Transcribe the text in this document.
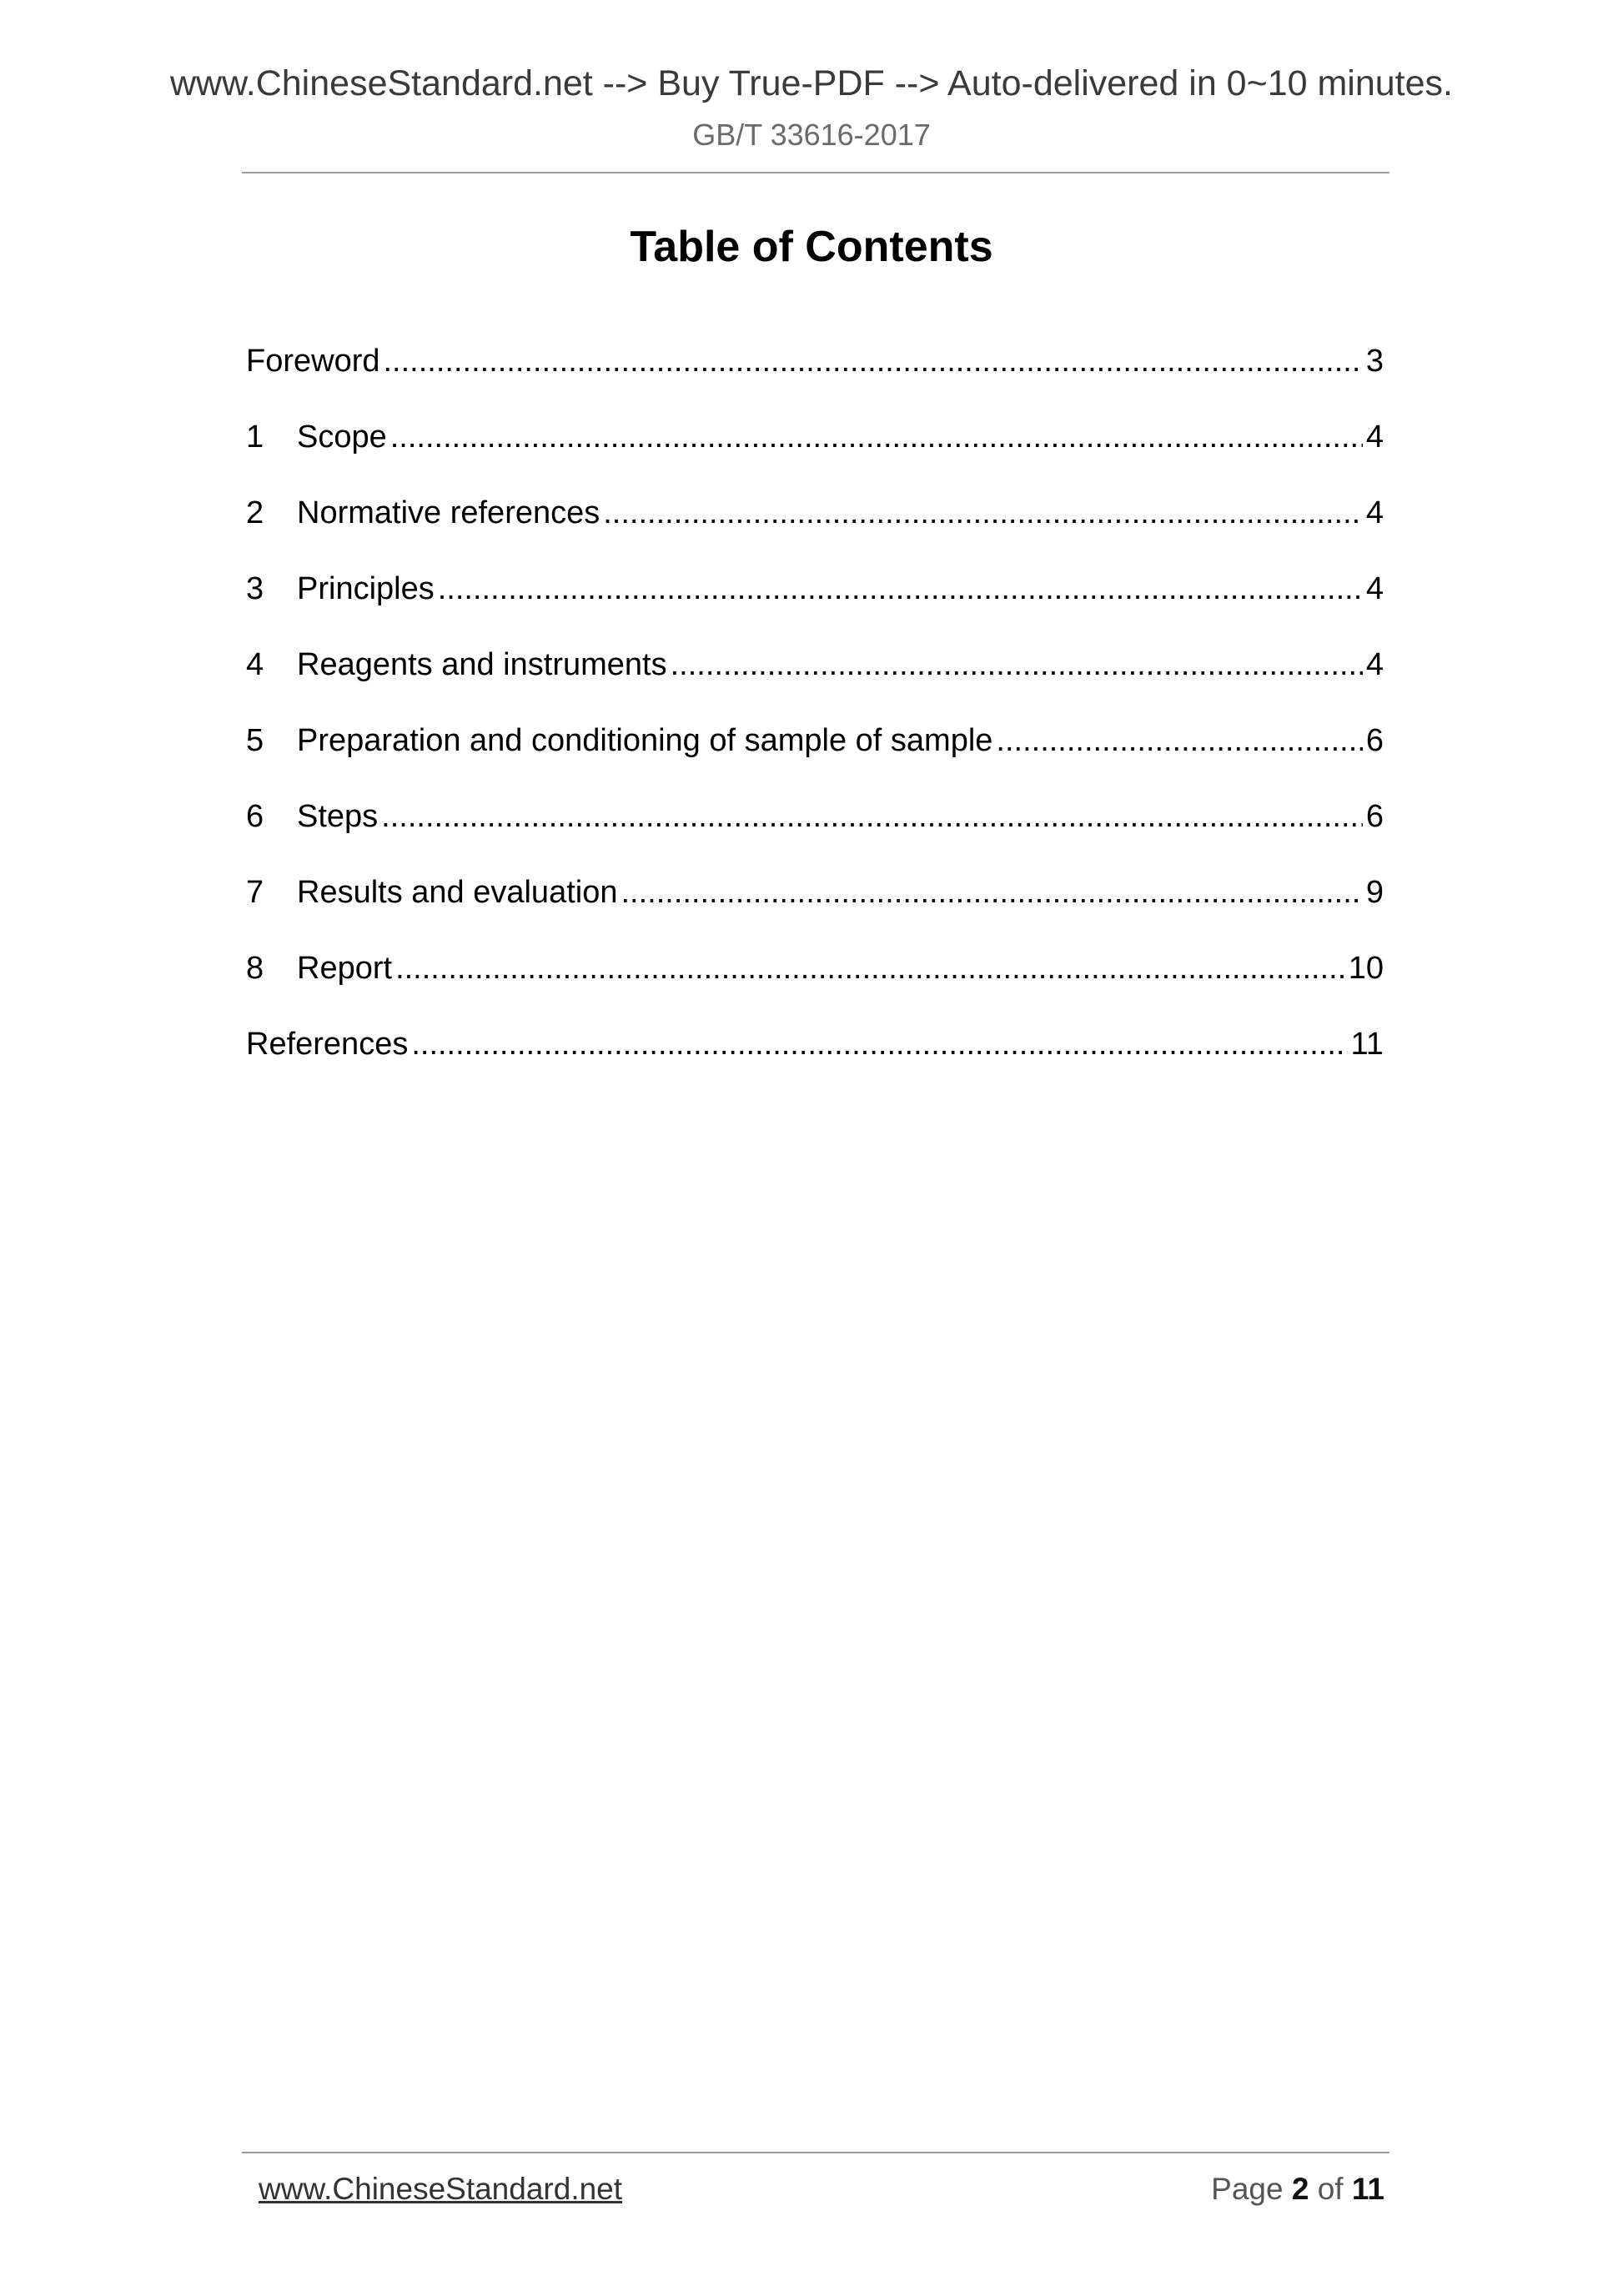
www.ChineseStandard.net --> Buy True-PDF --> Auto-delivered in 0~10 minutes.
GB/T 33616-2017
Table of Contents
Foreword .....	3
1	Scope .....	4
2	Normative references .....	4
3	Principles .....	4
4	Reagents and instruments .....	4
5	Preparation and conditioning of sample of sample .....	6
6	Steps .....	6
7	Results and evaluation .....	9
8	Report .....	10
References .....	11
www.ChineseStandard.net	Page 2 of 11
